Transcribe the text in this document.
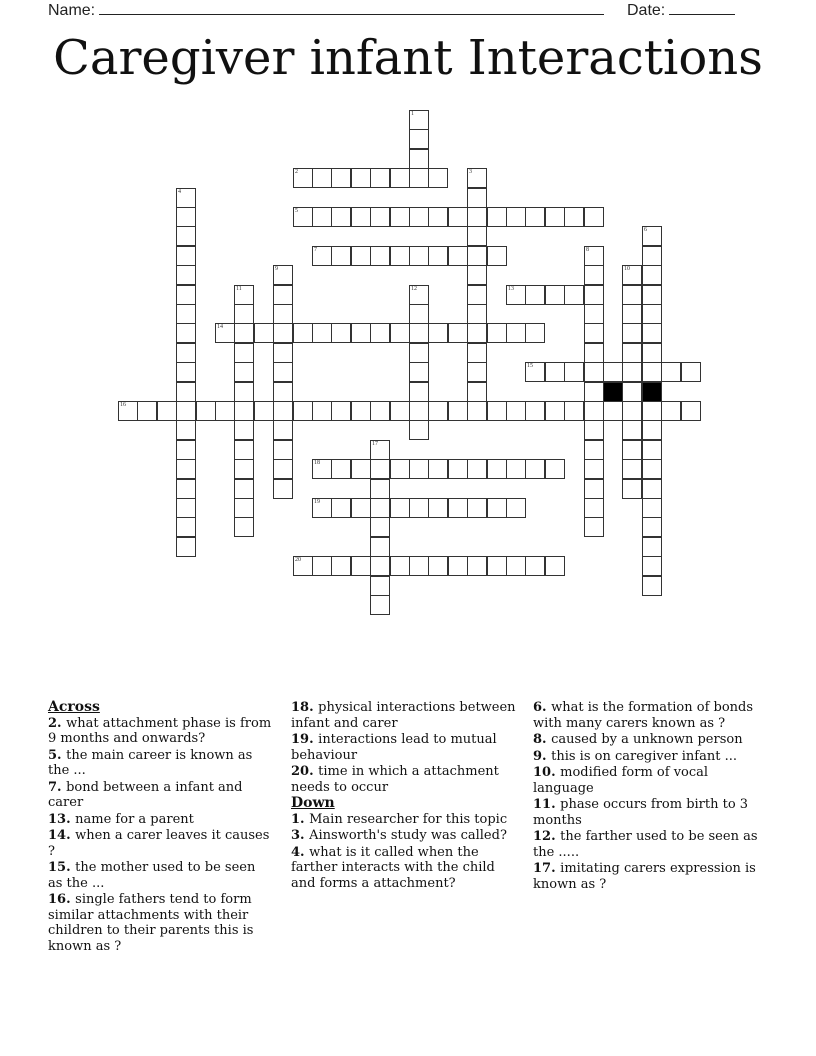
Name:	Date:
Caregiver infant Interactions
1
2	3
4
5
6
7	8
9	10
11	12	13
14
15
16
17
18
19
20
Across
2. what attachment phase is from 9 months and onwards?
5. the main career is known as the ...
7. bond between a infant and carer
13. name for a parent
14. when a carer leaves it causes ?
15. the mother used to be seen as the ...
16. single fathers tend to form similar attachments with their children to their parents this is known as ?
18. physical interactions between infant and carer
19. interactions lead to mutual behaviour
20. time in which a attachment needs to occur
Down
1. Main researcher for this topic
3. Ainsworth's study was called?
4. what is it called when the farther interacts with the child and forms a attachment?
6. what is the formation of bonds with many carers known as ?
8. caused by a unknown person
9. this is on caregiver infant ...
10. modified form of vocal language
11. phase occurs from birth to 3 months
12. the farther used to be seen as the .....
17. imitating carers expression is known as ?
